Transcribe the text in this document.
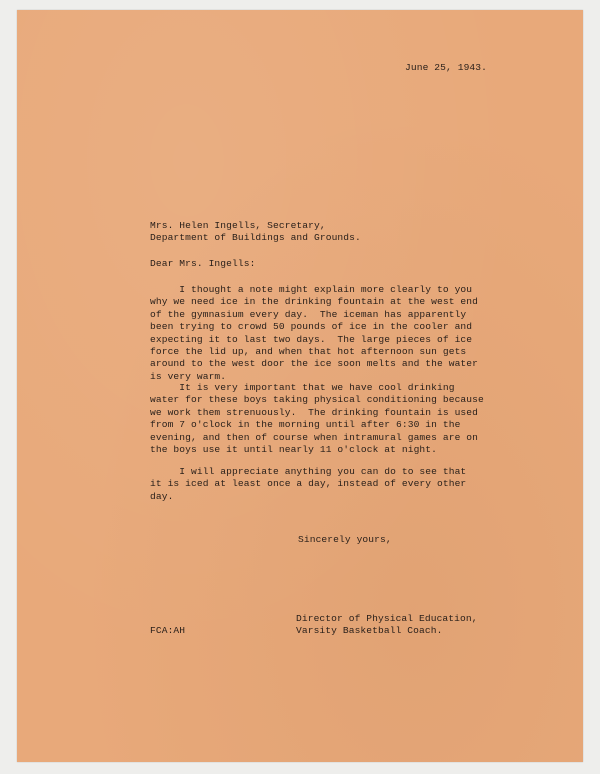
June 25, 1943.
Mrs. Helen Ingells, Secretary,
Department of Buildings and Grounds.
Dear Mrs. Ingells:
I thought a note might explain more clearly to you
why we need ice in the drinking fountain at the west end
of the gymnasium every day.  The iceman has apparently
been trying to crowd 50 pounds of ice in the cooler and
expecting it to last two days.  The large pieces of ice
force the lid up, and when that hot afternoon sun gets
around to the west door the ice soon melts and the water
is very warm.
It is very important that we have cool drinking
water for these boys taking physical conditioning because
we work them strenuously.  The drinking fountain is used
from 7 o'clock in the morning until after 6:30 in the
evening, and then of course when intramural games are on
the boys use it until nearly 11 o'clock at night.
I will appreciate anything you can do to see that
it is iced at least once a day, instead of every other
day.
Sincerely yours,
Director of Physical Education,
Varsity Basketball Coach.
FCA:AH
